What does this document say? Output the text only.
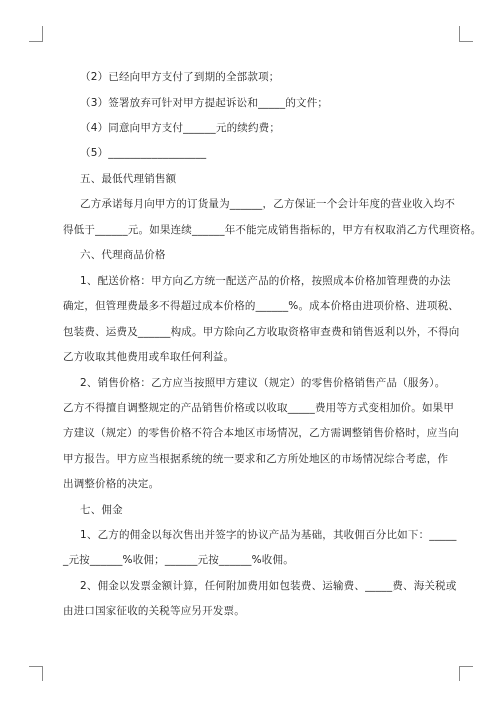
（2）已经向甲方支付了到期的全部款项；
（3）签署放弃可针对甲方提起诉讼和_____的文件；
（4）同意向甲方支付______元的续约费；
（5）__________________
五、最低代理销售额
乙方承诺每月向甲方的订货量为______，乙方保证一个会计年度的营业收入均不
得低于______元。如果连续______年不能完成销售指标的，甲方有权取消乙方代理资格。
六、代理商品价格
1、配送价格：甲方向乙方统一配送产品的价格，按照成本价格加管理费的办法
确定，但管理费最多不得超过成本价格的______%。成本价格由进项价格、进项税、
包装费、运费及______构成。甲方除向乙方收取资格审查费和销售返利以外，不得向
乙方收取其他费用或牟取任何利益。
2、销售价格：乙方应当按照甲方建议（规定）的零售价格销售产品（服务）。
乙方不得擅自调整规定的产品销售价格或以收取_____费用等方式变相加价。如果甲
方建议（规定）的零售价格不符合本地区市场情况，乙方需调整销售价格时，应当向
甲方报告。甲方应当根据系统的统一要求和乙方所处地区的市场情况综合考虑，作
出调整价格的决定。
七、佣金
1、乙方的佣金以每次售出并签字的协议产品为基础，其收佣百分比如下：_____
_元按______%收佣；______元按______%收佣。
2、佣金以发票金额计算，任何附加费用如包装费、运输费、_____费、海关税或
由进口国家征收的关税等应另开发票。
